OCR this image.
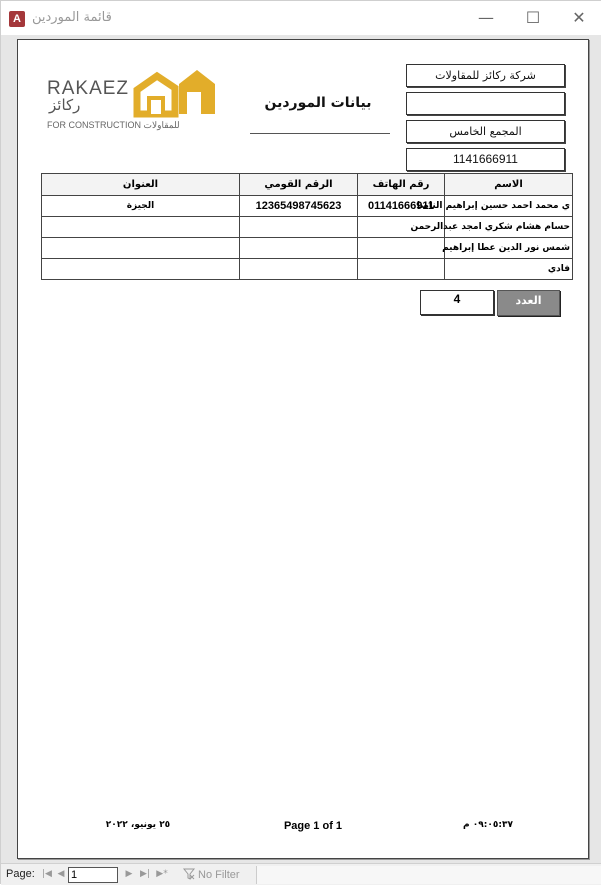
A قائمة الموردين	—	☐	✕
RAKAEZ
ركائز
FOR CONSTRUCTION للمقاولات
بيانات الموردين
شركة ركائز للمقاولات
المجمع الخامس
1141666911
العنوان	الرقم القومي	رقم الهاتف	الاسم
الجيزة	12365498745623	01141666911	ي محمد احمد حسين إبراهيم الناصا
			حسام هشام شكري امجد عبدالرحمن
			شمس نور الدين عطا إبراهيم
			فادي
4	العدد
٢٥ يونيو، ٢٠٢٢	Page 1 of 1	٠٩:٠٥:٣٧ م
Page: |◀ ◀ 1	▶ ▶| ▶*	No Filter
